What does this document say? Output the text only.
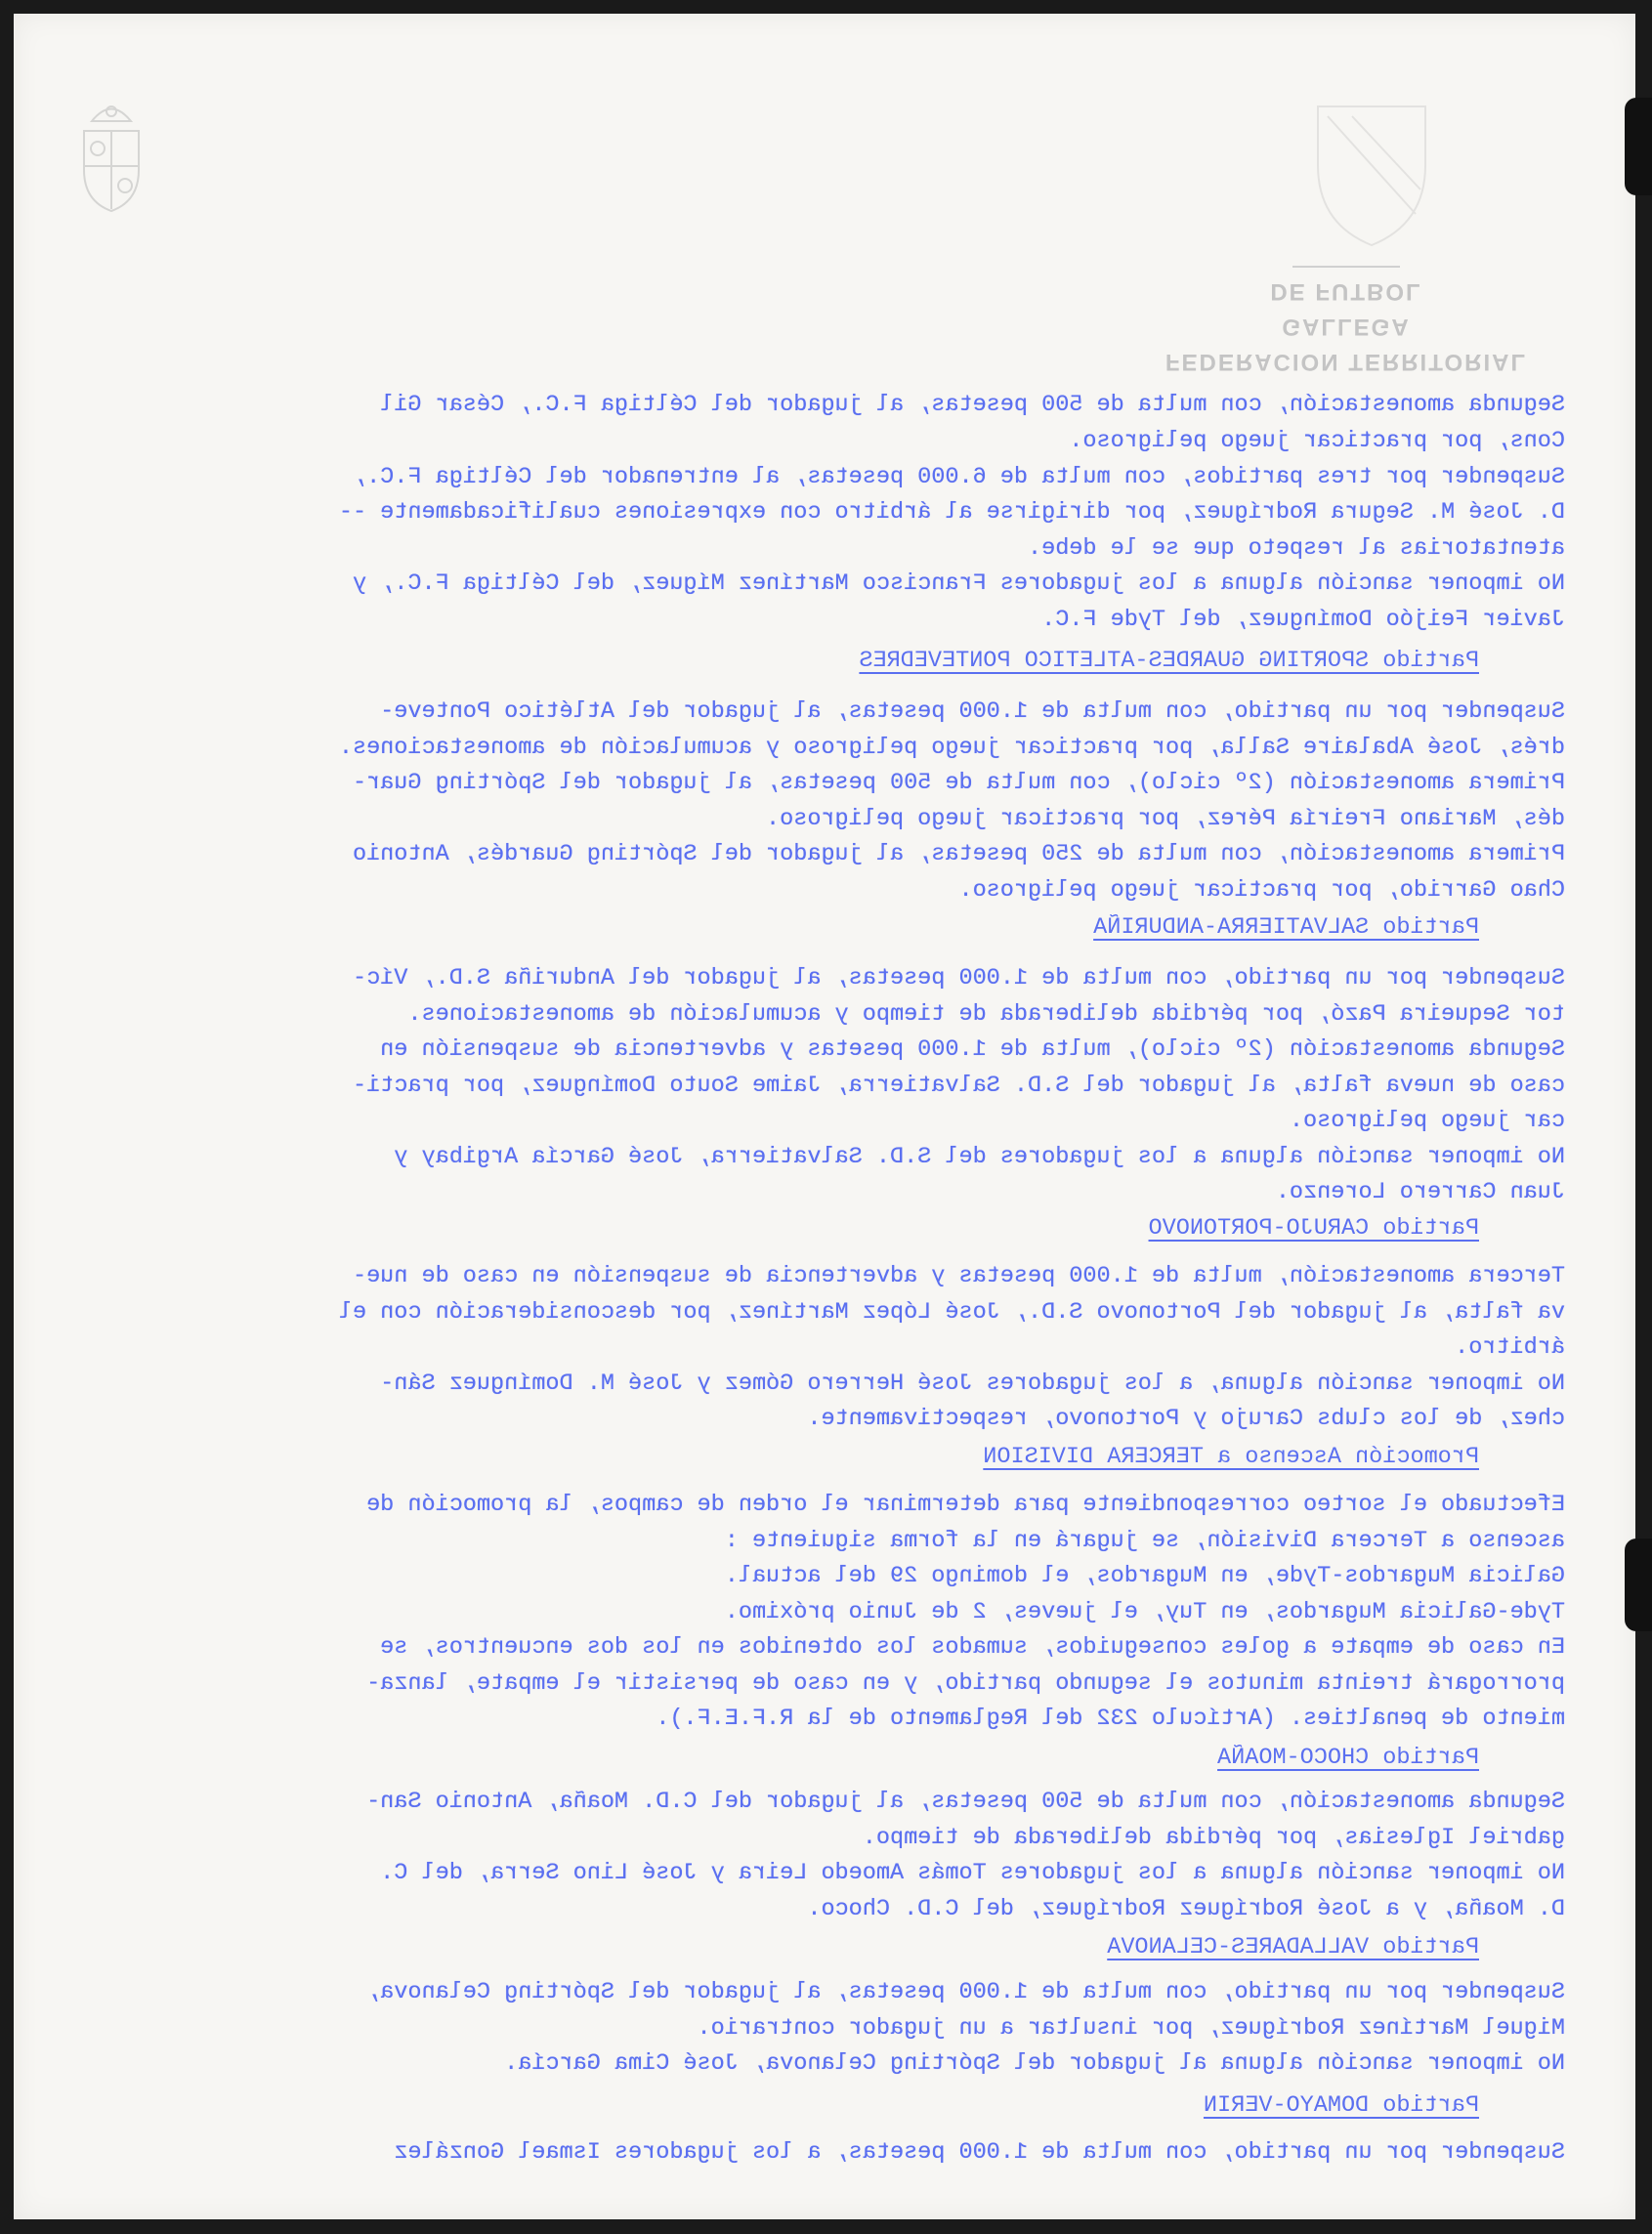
FEDERACION TERRITORIAL GALLEGA
DE FUTBOL
Segunda amonestación, con multa de 500 pesetas, al jugador del Céltiga F.C., César Gil
Cons, por practicar juego peligroso.
Suspender por tres partidos, con multa de 6.000 pesetas, al entrenador del Céltiga F.C.,
D. José M. Segura Rodríguez, por dirigirse al árbitro con expresiones cualificadamente --
atentatorias al respeto que se le debe.
No imponer sanción alguna a los jugadores Francisco Martínez Míguez, del Céltiga F.C., y
Javier Feijóo Domínguez, del Tyde F.C.
Partido SPORTING GUARDES-ATLETICO PONTEVEDRES
Suspender por un partido, con multa de 1.000 pesetas, al jugador del Atlético Ponteve-
drés, José Abalaire Salla, por practicar juego peligroso y acumulación de amonestaciones.
Primera amonestación (2º ciclo), con multa de 500 pesetas, al jugador del Spórting Guar-
dés, Mariano Freiría Pérez, por practicar juego peligroso.
Primera amonestación, con multa de 250 pesetas, al jugador del Spórting Guardés, Antonio
Chao Garrido, por practicar juego peligroso.
Partido SALVATIERRA-ANDURIÑA
Suspender por un partido, con multa de 1.000 pesetas, al jugador del Anduriña S.D., Víc-
tor Sequeira Pazó, por pérdida deliberada de tiempo y acumulación de amonestaciones.
Segunda amonestación (2º ciclo), multa de 1.000 pesetas y advertencia de suspensión en
caso de nueva falta, al jugador del S.D. Salvatierra, Jaime Souto Domínguez, por practi-
car juego peligroso.
No imponer sanción alguna a los jugadores del S.D. Salvatierra, José García Argibay y
Juan Carrero Lorenzo.
Partido CARUJO-PORTONOVO
Tercera amonestación, multa de 1.000 pesetas y advertencia de suspensión en caso de nue-
va falta, al jugador del Portonovo S.D., José López Martínez, por desconsideración con el
árbitro.
No imponer sanción alguna, a los jugadores José Herrero Gómez y José M. Domínguez Sán-
chez, de los clubs Carujo y Portonovo, respectivamente.
Promoción Ascenso a TERCERA DIVISION
Efectuado el sorteo correspondiente para determinar el orden de campos, la promoción de
ascenso a Tercera División, se jugará en la forma siguiente :
Galicia Mugardos-Tyde, en Mugardos, el domingo 29 del actual.
Tyde-Galicia Mugardos, en Tuy, el jueves, 2 de Junio próximo.
En caso de empate a goles conseguidos, sumados los obtenidos en los dos encuentros, se
prorrogará treinta minutos el segundo partido, y en caso de persistir el empate, lanza-
miento de penalties. (Artículo 232 del Reglamento de la R.F.E.F.).
Partido CHOCO-MOAÑA
Segunda amonestación, con multa de 500 pesetas, al jugador del C.D. Moaña, Antonio San-
gabriel Iglesias, por pérdida deliberada de tiempo.
No imponer sanción alguna a los jugadores Tomás Amoedo Leira y José Lino Serra, del C.
D. Moaña, y a José Rodríguez Rodríguez, del C.D. Choco.
Partido VALLADARES-CELANOVA
Suspender por un partido, con multa de 1.000 pesetas, al jugador del Spórting Celanova,
Miguel Martínez Rodríguez, por insultar a un jugador contrario.
No imponer sanción alguna al jugador del Spórting Celanova, José Cima García.
Partido DOMAYO-VERIN
Suspender por un partido, con multa de 1.000 pesetas, a los jugadores Ismael González
